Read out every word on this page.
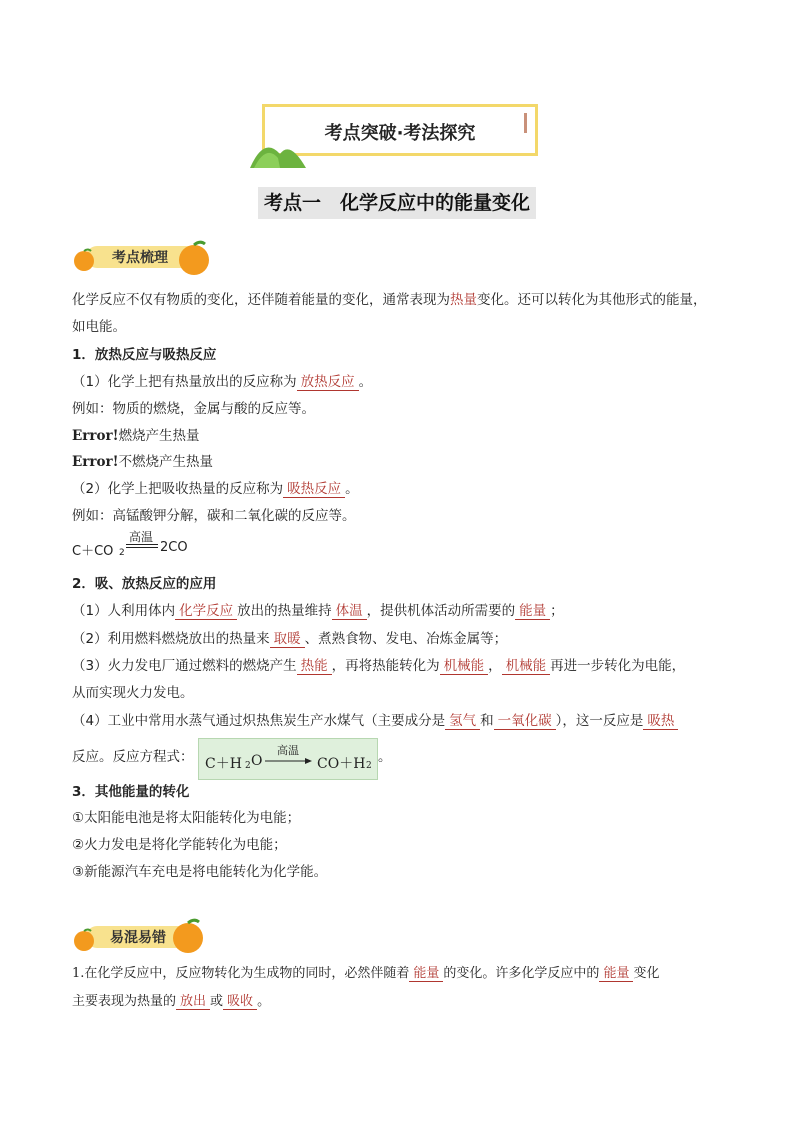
考点突破·考法探究
考点一　化学反应中的能量变化
考点梳理
化学反应不仅有物质的变化，还伴随着能量的变化，通常表现为热量变化。还可以转化为其他形式的能量，
如电能。
1．放热反应与吸热反应
（1）化学上把有热量放出的反应称为 放热反应 。
例如：物质的燃烧，金属与酸的反应等。
Error!燃烧产生热量
Error!不燃烧产生热量
（2）化学上把吸收热量的反应称为 吸热反应 。
例如：高锰酸钾分解，碳和二氧化碳的反应等。
C＋CO 2
高温
2CO
2．吸、放热反应的应用
（1）人利用体内 化学反应 放出的热量维持 体温 ，提供机体活动所需要的 能量 ；
（2）利用燃料燃烧放出的热量来 取暖 、煮熟食物、发电、冶炼金属等；
（3）火力发电厂通过燃料的燃烧产生 热能 ，再将热能转化为 机械能 ， 机械能 再进一步转化为电能，
从而实现火力发电。
（4）工业中常用水蒸气通过炽热焦炭生产水煤气（主要成分是 氢气 和 一氧化碳 ），这一反应是 吸热
反应。反应方程式： C＋H 2 O
高温
CO＋H 2
。
3．其他能量的转化
①太阳能电池是将太阳能转化为电能；
②火力发电是将化学能转化为电能；
③新能源汽车充电是将电能转化为化学能。
易混易错
1.在化学反应中，反应物转化为生成物的同时，必然伴随着 能量 的变化。许多化学反应中的 能量 变化
主要表现为热量的 放出 或 吸收 。
